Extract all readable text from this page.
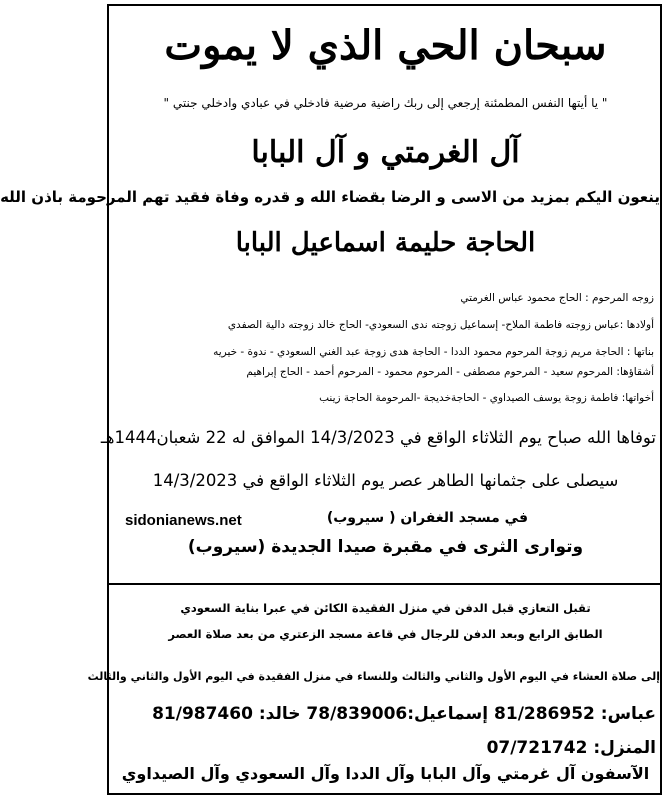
سبحان الحي الذي لا يموت
" يا أيتها النفس المطمئنة إرجعي إلى ربك راضية مرضية فادخلي في عبادي وادخلي جنتي "
آل الغرمتي و آل البابا
ينعون اليكم بمزيد من الاسى و الرضا بقضاء الله و قدره وفاة فقيد تهم المرحومة باذن الله
الحاجة حليمة اسماعيل البابا
زوجه المرحوم : الحاج محمود عباس الغرمتي
أولادها :عباس زوجته فاطمة الملاح- إسماعيل زوجته ندى السعودي- الحاج خالد زوجته دالية الصفدي
بناتها : الحاجة مريم زوجة المرحوم محمود الددا - الحاجة هدى زوجة عبد الغني السعودي - ندوة - خيريه
أشقاؤها: المرحوم سعيد - المرحوم مصطفى - المرحوم محمود - المرحوم أحمد - الحاج إبراهيم
أخواتها: فاطمة زوجة يوسف الصيداوي - الحاجةخديجة -المرحومة الحاجة زينب
توفاها الله صباح يوم الثلاثاء الواقع في 14/3/2023 الموافق له 22 شعبان1444هـ
سيصلى على جثمانها الطاهر عصر يوم الثلاثاء الواقع في 14/3/2023
في مسجد الغفران ( سيروب)
sidonianews.net
وتوارى الثرى في مقبرة صيدا الجديدة (سيروب)
تقبل التعازي قبل الدفن في منزل الفقيدة الكائن في عبرا بناية السعودي
الطابق الرابع وبعد الدفن للرجال في قاعة مسجد الزعتري من بعد صلاة العصر
إلى صلاة العشاء في اليوم الأول والثاني والثالث وللنساء في منزل الفقيدة في اليوم الأول والثاني والثالث
عباس: 81/286952 إسماعيل:78/839006 خالد: 81/987460
المنزل: 07/721742
الآسفون آل غرمتي وآل البابا وآل الددا وآل السعودي وآل الصيداوي
